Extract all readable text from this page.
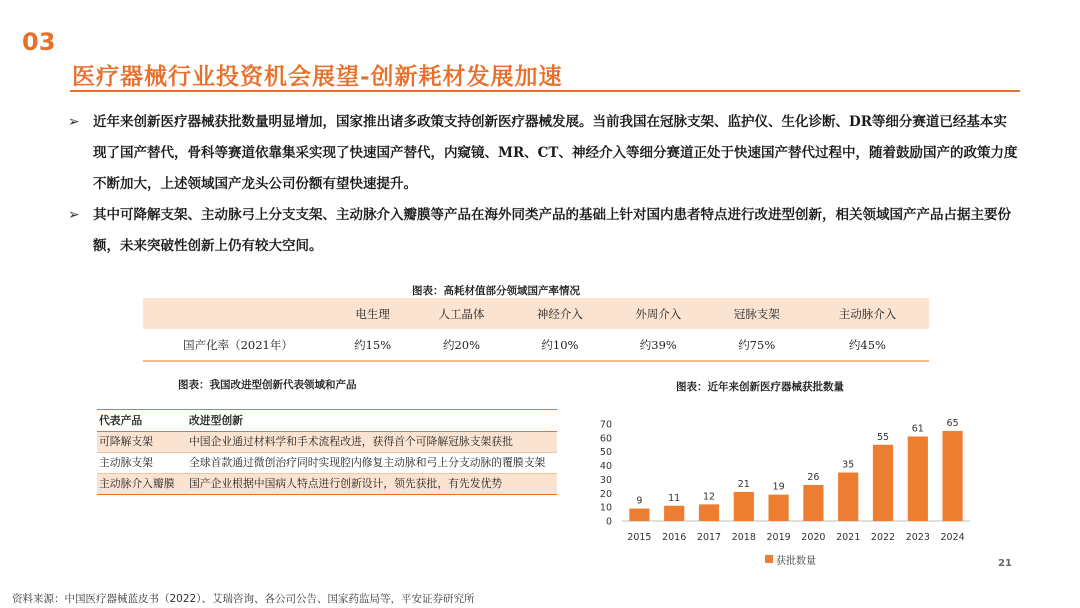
03
医疗器械行业投资机会展望-创新耗材发展加速
➢ 近年来创新医疗器械获批数量明显增加，国家推出诸多政策支持创新医疗器械发展。当前我国在冠脉支架、监护仪、生化诊断、DR等细分赛道已经基本实现了国产替代，骨科等赛道依靠集采实现了快速国产替代，内窥镜、MR、CT、神经介入等细分赛道正处于快速国产替代过程中，随着鼓励国产的政策力度不断加大，上述领域国产龙头公司份额有望快速提升。
➢ 其中可降解支架、主动脉弓上分支支架、主动脉介入瓣膜等产品在海外同类产品的基础上针对国内患者特点进行改进型创新，相关领域国产产品占据主要份额，未来突破性创新上仍有较大空间。
图表：高耗材值部分领域国产率情况
	电生理	人工晶体	神经介入	外周介入	冠脉支架	主动脉介入
国产化率（2021年）	约15%	约20%	约10%	约39%	约75%	约45%
图表：我国改进型创新代表领域和产品
代表产品	改进型创新
可降解支架	中国企业通过材料学和手术流程改进，获得首个可降解冠脉支架获批
主动脉支架	全球首款通过微创治疗同时实现腔内修复主动脉和弓上分支动脉的覆膜支架
主动脉介入瓣膜	国产企业根据中国病人特点进行创新设计，领先获批，有先发优势
图表：近年来创新医疗器械获批数量
0
10
20
30
40
50
60
70
9
2015
11
2016
12
2017
21
2018
19
2019
26
2020
35
2021
55
2022
61
2023
65
2024
获批数量	21
资料来源：中国医疗器械蓝皮书（2022）、艾瑞咨询、各公司公告、国家药监局等，平安证券研究所
